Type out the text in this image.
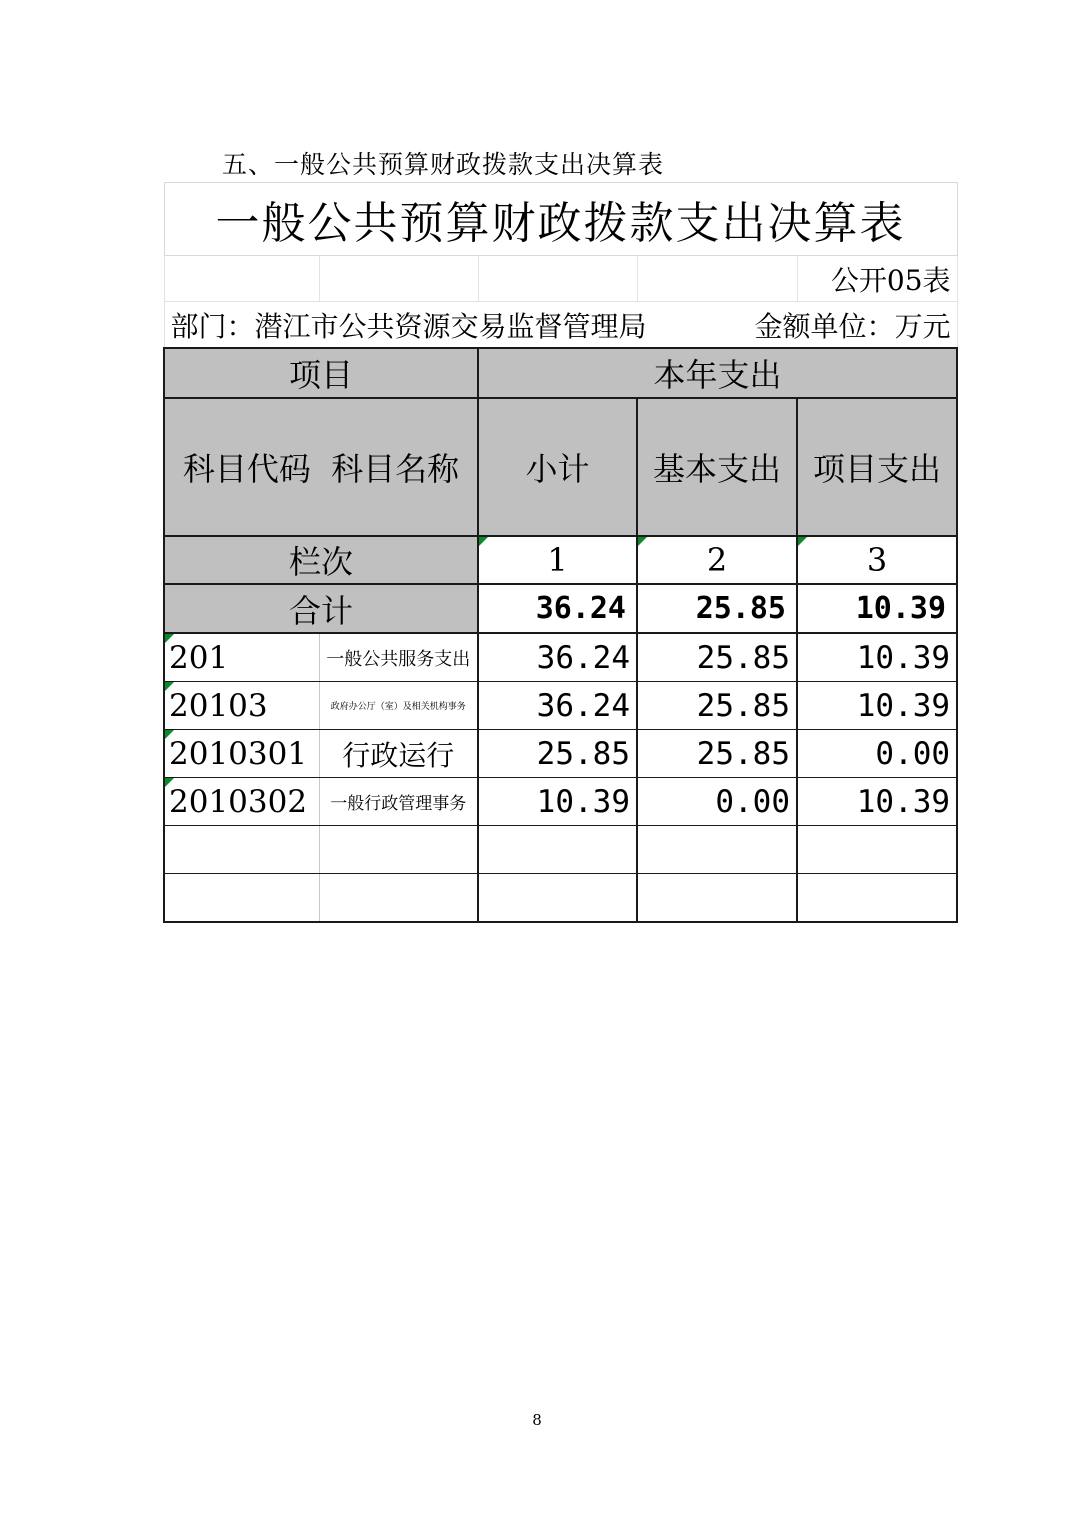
五、一般公共预算财政拨款支出决算表
一般公共预算财政拨款支出决算表				
				公开05表

部门：潜江市公共资源交易监督管理局 金额单位：万元				

项目		本年支出		
科目代码  科目名称		小计	基本支出	项目支出
栏次		1	2	3
合计		36.24	25.85	10.39

201	一般公共服务支出	36.24	25.85	10.39

20103	政府办公厅（室）及相关机构事务	36.24	25.85	10.39

2010301	行政运行	25.85	25.85	0.00

2010302	一般行政管理事务	10.39	0.00	10.39

8
